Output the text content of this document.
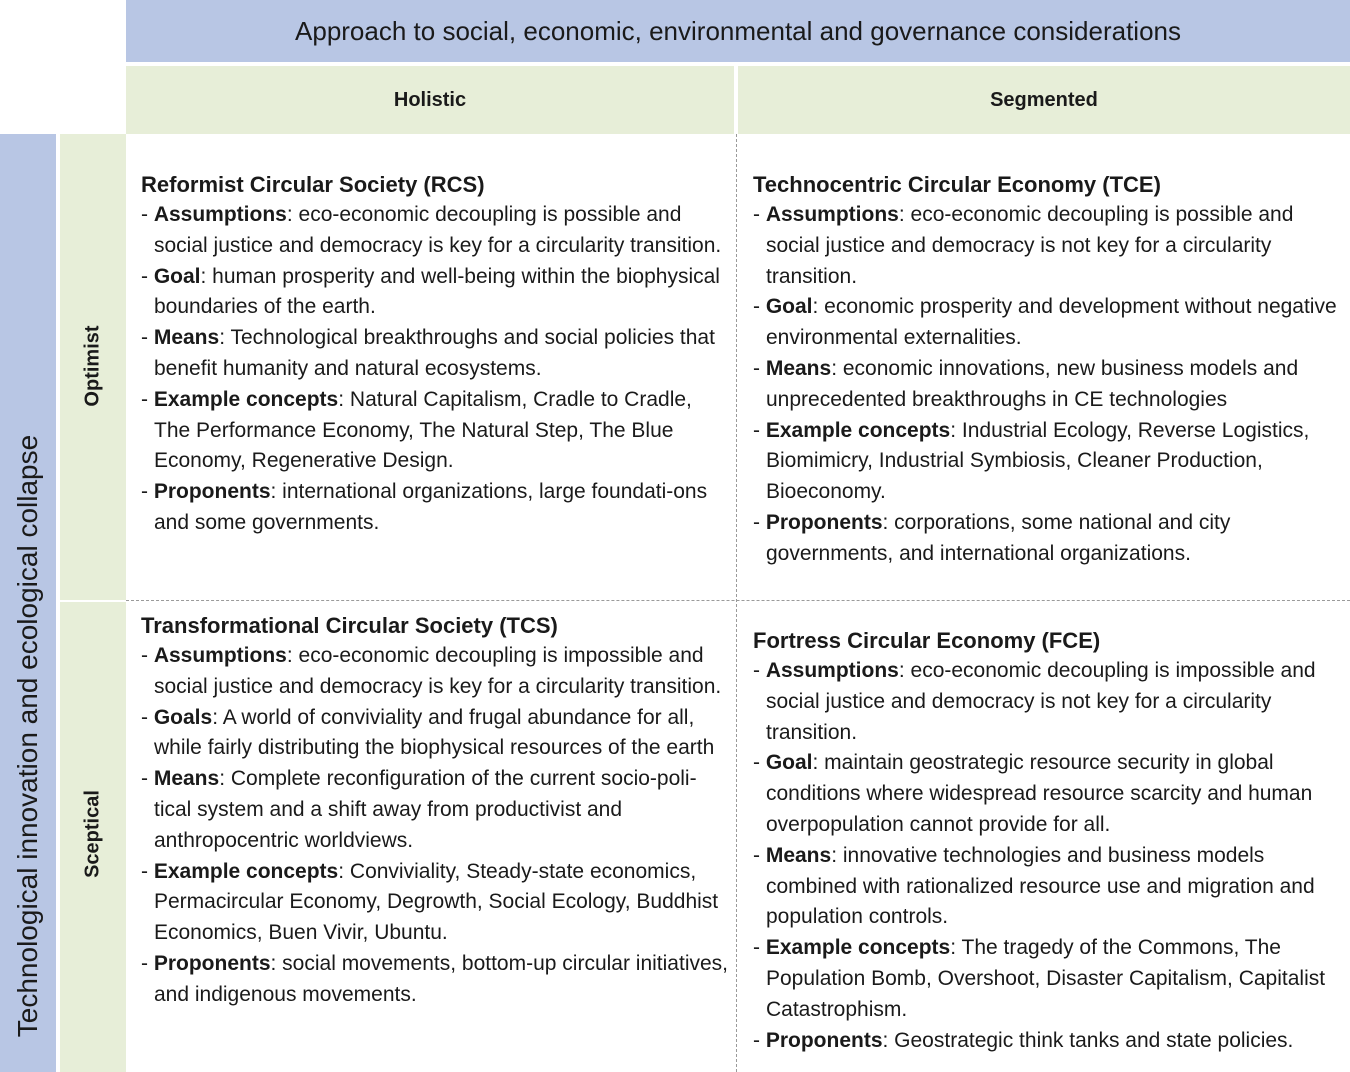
Approach to social, economic, environmental and governance considerations
Holistic	Segmented
Technological innovation and ecological collapse
Optimist
Sceptical
Reformist Circular Society (RCS)
- Assumptions: eco-economic decoupling is possible and social justice and democracy is key for a circularity transition.
- Goal: human prosperity and well-being within the biophysical boundaries of the earth.
- Means: Technological breakthroughs and social policies that benefit humanity and natural ecosystems.
- Example concepts: Natural Capitalism, Cradle to Cradle, The Performance Economy, The Natural Step, The Blue Economy, Regenerative Design.
- Proponents: international organizations, large foundati-ons and some governments.
Technocentric Circular Economy (TCE)
- Assumptions: eco-economic decoupling is possible and social justice and democracy is not key for a circularity transition.
- Goal: economic prosperity and development without negative environmental externalities.
- Means: economic innovations, new business models and unprecedented breakthroughs in CE technologies
- Example concepts: Industrial Ecology, Reverse Logistics, Biomimicry, Industrial Symbiosis, Cleaner Production, Bioeconomy.
- Proponents: corporations, some national and city governments, and international organizations.
Transformational Circular Society (TCS)
- Assumptions: eco-economic decoupling is impossible and social justice and democracy is key for a circularity transition.
- Goals: A world of conviviality and frugal abundance for all, while fairly distributing the biophysical resources of the earth
- Means: Complete reconfiguration of the current socio-poli-tical system and a shift away from productivist and anthropocentric worldviews.
- Example concepts: Conviviality, Steady-state economics, Permacircular Economy, Degrowth, Social Ecology, Buddhist Economics, Buen Vivir, Ubuntu.
- Proponents: social movements, bottom-up circular initiatives, and indigenous movements.
Fortress Circular Economy (FCE)
- Assumptions: eco-economic decoupling is impossible and social justice and democracy is not key for a circularity transition.
- Goal: maintain geostrategic resource security in global conditions where widespread resource scarcity and human overpopulation cannot provide for all.
- Means: innovative technologies and business models combined with rationalized resource use and migration and population controls.
- Example concepts: The tragedy of the Commons, The Population Bomb, Overshoot, Disaster Capitalism, Capitalist Catastrophism.
- Proponents: Geostrategic think tanks and state policies.
